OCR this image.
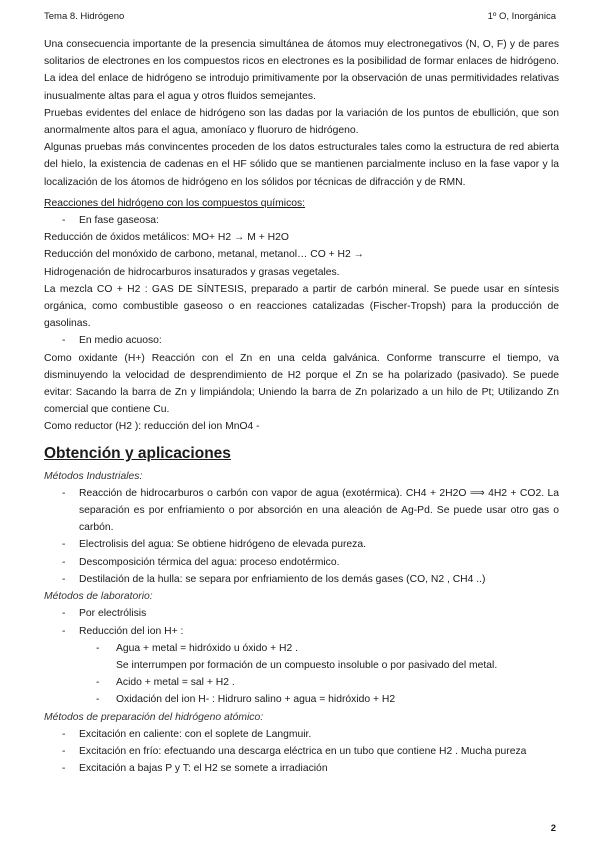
Tema 8. Hidrógeno	1º O, Inorgánica

Una consecuencia importante de la presencia simultánea de átomos muy electronegativos (N, O, F) y de pares solitarios de electrones en los compuestos ricos en electrones es la posibilidad de formar enlaces de hidrógeno. La idea del enlace de hidrógeno se introdujo primitivamente por la observación de unas permitividades relativas inusualmente altas para el agua y otros fluidos semejantes.

Pruebas evidentes del enlace de hidrógeno son las dadas por la variación de los puntos de ebullición, que son anormalmente altos para el agua, amoníaco y fluoruro de hidrógeno.

Algunas pruebas más convincentes proceden de los datos estructurales tales como la estructura de red abierta del hielo, la existencia de cadenas en el HF sólido que se mantienen parcialmente incluso en la fase vapor y la localización de los átomos de hidrógeno en los sólidos por técnicas de difracción y de RMN.

Reacciones del hidrógeno con los compuestos químicos:
- En fase gaseosa:
Reducción de óxidos metálicos: MO+ H2 → M + H2O
Reducción del monóxido de carbono, metanal, metanol… CO + H2 →
Hidrogenación de hidrocarburos insaturados y grasas vegetales.

La mezcla CO + H2 : GAS DE SÍNTESIS, preparado a partir de carbón mineral. Se puede usar en síntesis orgánica, como combustible gaseoso o en reacciones catalizadas (Fischer-Tropsh) para la producción de gasolinas.

- En medio acuoso:

Como oxidante (H+) Reacción con el Zn en una celda galvánica. Conforme transcurre el tiempo, va disminuyendo la velocidad de desprendimiento de H2 porque el Zn se ha polarizado (pasivado). Se puede evitar: Sacando la barra de Zn y limpiándola; Uniendo la barra de Zn polarizado a un hilo de Pt; Utilizando Zn comercial que contiene Cu.

Como reductor (H2 ): reducción del ion MnO4 -
Obtención y aplicaciones
Métodos Industriales:
- Reacción de hidrocarburos o carbón con vapor de agua (exotérmica). CH4 + 2H2O ⟹ 4H2 + CO2. La separación es por enfriamiento o por absorción en una aleación de Ag-Pd. Se puede usar otro gas o carbón.
- Electrolisis del agua: Se obtiene hidrógeno de elevada pureza.
- Descomposición térmica del agua: proceso endotérmico.
- Destilación de la hulla: se separa por enfriamiento de los demás gases (CO, N2 , CH4 ..)
Métodos de laboratorio:
- Por electrólisis
- Reducción del ion H+ :
- Agua + metal = hidróxido u óxido + H2 .
Se interrumpen por formación de un compuesto insoluble o por pasivado del metal.
- Acido + metal = sal + H2 .
- Oxidación del ion H- : Hidruro salino + agua = hidróxido + H2
Métodos de preparación del hidrógeno atómico:
- Excitación en caliente: con el soplete de Langmuir.
- Excitación en frío: efectuando una descarga eléctrica en un tubo que contiene H2 . Mucha pureza
- Excitación a bajas P y T: el H2 se somete a irradiación
2
